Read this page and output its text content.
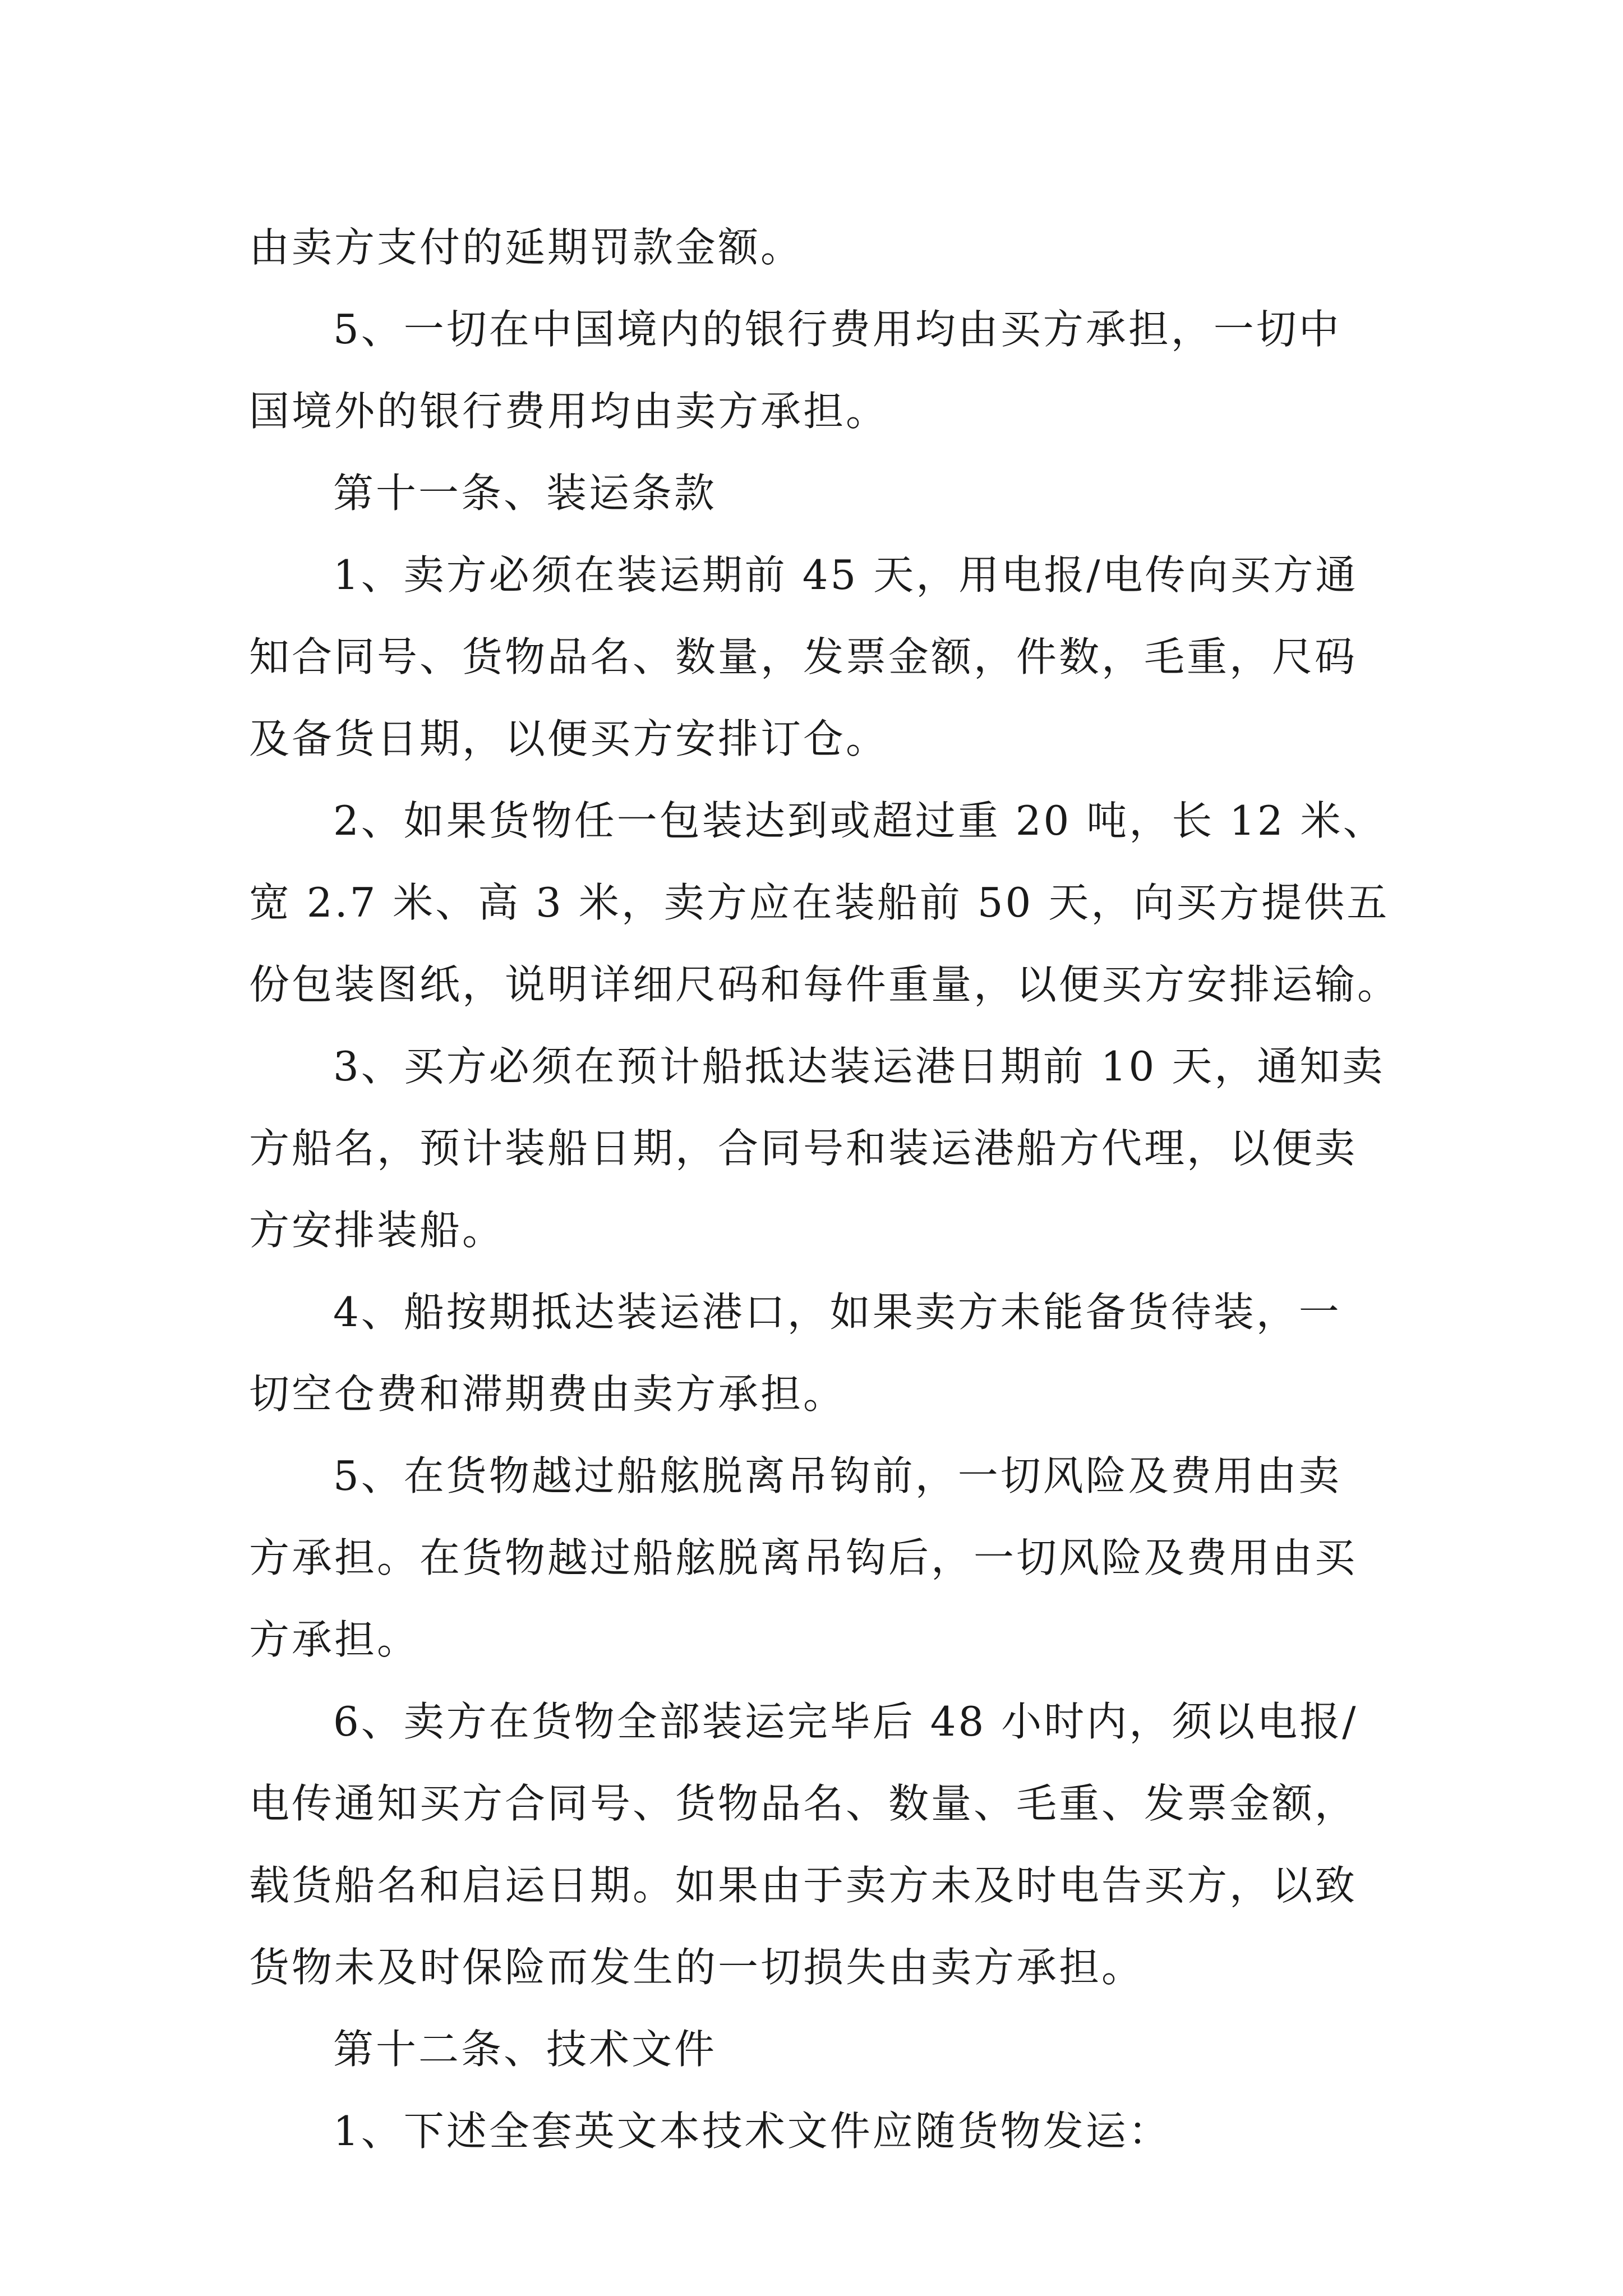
由卖方支付的延期罚款金额。

5、一切在中国境内的银行费用均由买方承担，一切中

国境外的银行费用均由卖方承担。

第十一条、装运条款

1、卖方必须在装运期前 45 天，用电报/电传向买方通

知合同号、货物品名、数量，发票金额，件数，毛重，尺码

及备货日期，以便买方安排订仓。

2、如果货物任一包装达到或超过重 20 吨，长 12 米、

宽 2.7 米、高 3 米，卖方应在装船前 50 天，向买方提供五

份包装图纸，说明详细尺码和每件重量，以便买方安排运输。

3、买方必须在预计船抵达装运港日期前 10 天，通知卖

方船名，预计装船日期，合同号和装运港船方代理，以便卖

方安排装船。

4、船按期抵达装运港口，如果卖方未能备货待装，一

切空仓费和滞期费由卖方承担。

5、在货物越过船舷脱离吊钩前，一切风险及费用由卖

方承担。在货物越过船舷脱离吊钩后，一切风险及费用由买

方承担。

6、卖方在货物全部装运完毕后 48 小时内，须以电报/

电传通知买方合同号、货物品名、数量、毛重、发票金额，

载货船名和启运日期。如果由于卖方未及时电告买方，以致

货物未及时保险而发生的一切损失由卖方承担。

第十二条、技术文件

1、下述全套英文本技术文件应随货物发运：
